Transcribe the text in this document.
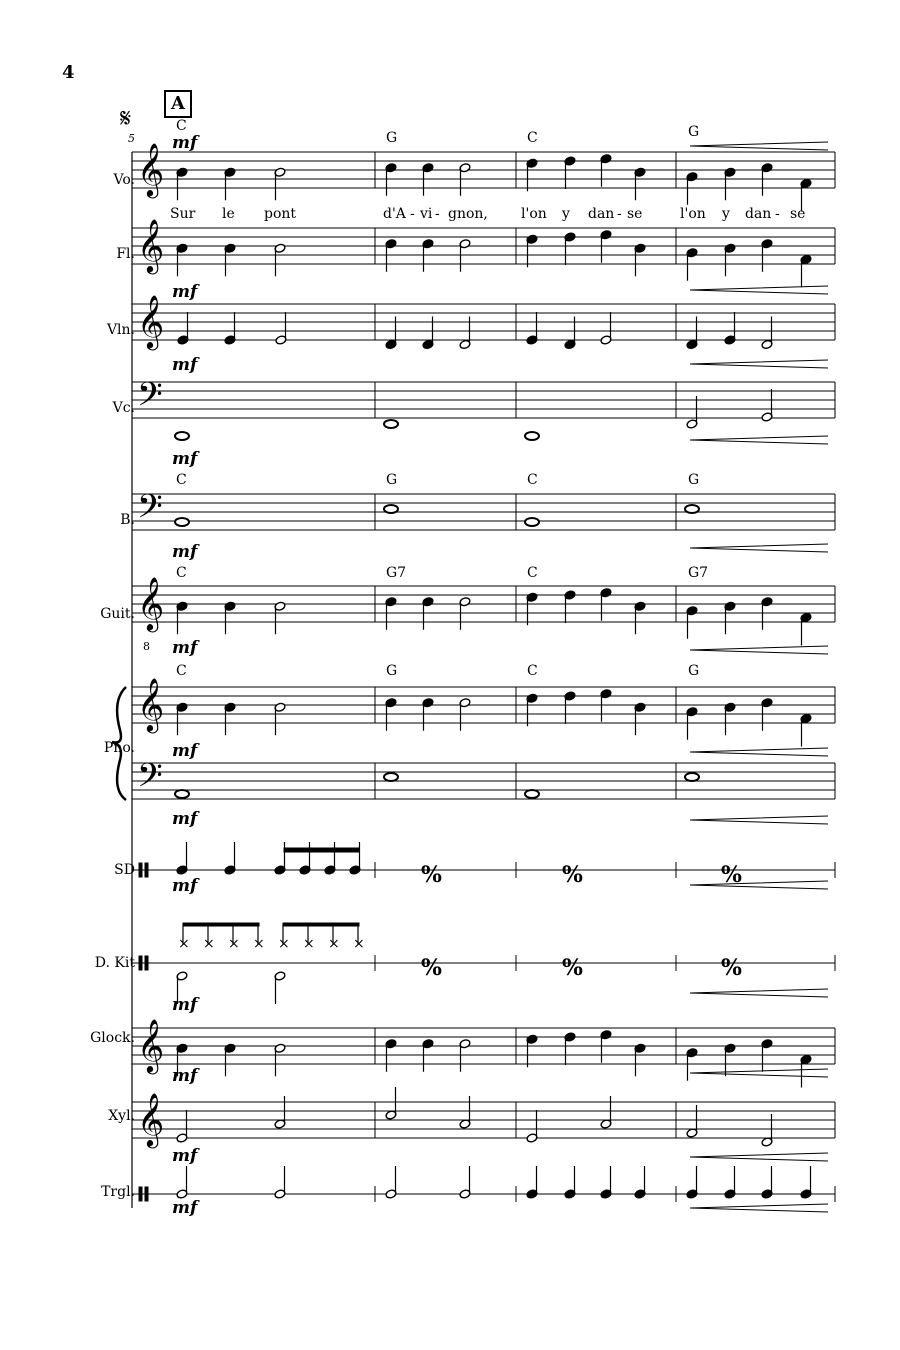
4
𝄋
5
A
Vo.
Fl.
Vln.
Vc.
B.
Guit.
Pno.
SD
D. Kit
Glock.
Xyl.
Trgl.
C
G	C	G
C	G	C	G
C	G7	C	G7
C	G	C	G
mf
mf
mf
mf
mf
mf
mf
mf
mf
mf
mf
mf
mf
Sur le pont	d'A - vi - gnon, l'on y dan - se	l'on y dan - se
8
𝄞
𝄞
𝄞
𝄞
𝄞
𝄞
𝄞
𝄢
𝄢
𝄢
%	%	%
× × × × × × × ×
%	%	%
